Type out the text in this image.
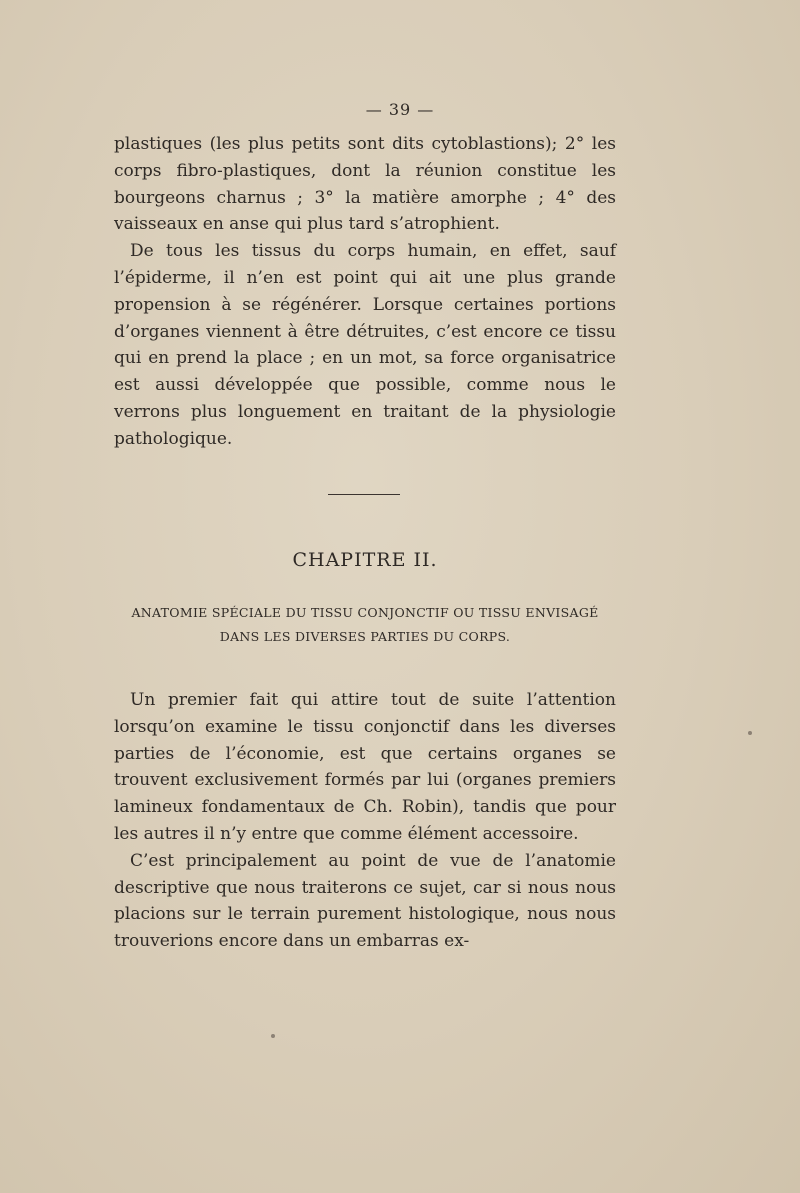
— 39 —

plastiques (les plus petits sont dits cytoblastions); 2° les corps fibro-plastiques, dont la réunion constitue les bourgeons charnus ; 3° la matière amorphe ; 4° des vaisseaux en anse qui plus tard s’atrophient.

De tous les tissus du corps humain, en effet, sauf l’épiderme, il n’en est point qui ait une plus grande propension à se régénérer. Lorsque certaines portions d’organes viennent à être détruites, c’est encore ce tissu qui en prend la place ; en un mot, sa force organisatrice est aussi développée que possible, comme nous le verrons plus longuement en traitant de la physiologie pathologique.

CHAPITRE II.
ANATOMIE SPÉCIALE DU TISSU CONJONCTIF OU TISSU ENVISAGÉ
DANS LES DIVERSES PARTIES DU CORPS.

Un premier fait qui attire tout de suite l’attention lorsqu’on examine le tissu conjonctif dans les diverses parties de l’économie, est que certains organes se trouvent exclusivement formés par lui (organes premiers lamineux fondamentaux de Ch. Robin), tandis que pour les autres il n’y entre que comme élément accessoire.

C’est principalement au point de vue de l’anatomie descriptive que nous traiterons ce sujet, car si nous nous placions sur le terrain purement histologique, nous nous trouverions encore dans un embarras ex-
